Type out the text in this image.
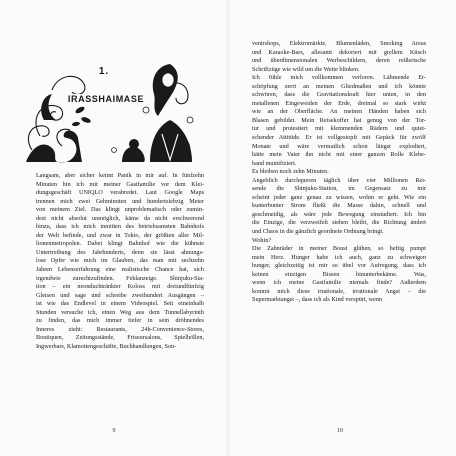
1.
IRASSHAIMASE
Langsam, aber sicher keimt Panik in mir auf. In fünfzehn
Minuten bin ich mit meiner Gastfamilie vor dem Klei-
dungsgeschäft UNIQLO verabredet. Laut Google Maps
trennen mich zwei Gehminuten und hundertsiebzig Meter
von meinem Ziel. Das klingt unproblematisch oder zumin-
dest nicht absolut unmöglich, käme da nicht erschwerend
hinzu, dass ich mich inmitten des betriebsamsten Bahnhofs
der Welt befinde, und zwar in Tokio, der größten aller Mil-
lionenmetropolen. Dabei klingt Bahnhof wie die kühnste
Untertreibung des Jahrhunderts, denn sie lässt ahnungs-
lose Opfer wie mich im Glauben, das man mit sechzehn
Jahren Lebenserfahrung eine realistische Chance hat, sich
irgendwie zurechtzufinden. Fehlanzeige. Shinjuku-Sta-
tion – ein neonduchtränkter Koloss mit dreiundfünfzig
Gleisen und sage und schreibe zweihundert Ausgängen –
ist wie das Endlevel in einem Videospiel. Seit eineinhalb
Stunden versuche ich, einen Weg aus dem Tunnellabyrinth
zu finden, das mich immer tiefer in sein dröhnendes
Inneres zieht: Restaurants, 24h-Convenience-Stores,
Boutiquen, Zeitungsstände, Friseursalons, Spielhöllen,
Ingwerbars, Klamottengeschäfte, Buchhandlungen, Sou-
9
venirshops, Elektromärkte, Blumenläden, Smoking Areas
und Karaoke-Bars, allesamt dekoriert mit grellem Kitsch
und überdimensionalen Werbeschildern, deren reißerische
Schriftzüge wie wild um die Wette blinken.
Ich fühle mich vollkommen verloren. Lähmende Er-
schöpfung zerrt an meinen Gliedmaßen und ich könnte
schwören, dass die Gravitationskraft hier unten, in den
metallenen Eingeweiden der Erde, dreimal so stark wirkt
wie an der Oberfläche. An meinen Händen haben sich
Blasen gebildet. Mein Reisekoffer hat genug von der Tor-
tur und protestiert mit klemmenden Rädern und quiet-
schender Attitüde. Er ist vollgestopft mit Gepäck für zwölf
Monate und wäre vermutlich schon längst explodiert,
hätte mein Vater ihn nicht mit einer ganzen Rolle Klebe-
band mumifiziert.
Es bleiben noch zehn Minuten.
Angeblich durchqueren täglich über vier Millionen Rei-
sende die Shinjuku-Station, im Gegensatz zu mir
scheint jeder ganz genau zu wissen, wohin er geht. Wie ein
kunterbunter Strom fließt die Masse dahin, schnell und
geschmeidig, als wäre jede Bewegung einstudiert. Ich bin
die Einzige, die verzweifelt stehen bleibt, die Richtung ändert
und Chaos in die gänzlich geordnete Ordnung bringt.
Wohin?
Die Zahnräder in meiner Boust glühen, so heftig pumpt
mein Herz. Hunger habe ich auch, ganz zu schweigen
hunger, gleichzeitig ist mir so übel vor Aufregung, dass ich
keinen einzigen Bissen hinunterbekäme. Was,
wenn ich meine Gastfamilie niemals finde? Außerdem
kommt mich diese irrationale, irrationale Angst – die
Supermarktangst –, dass ich als Kind verspürt, wenn
10
